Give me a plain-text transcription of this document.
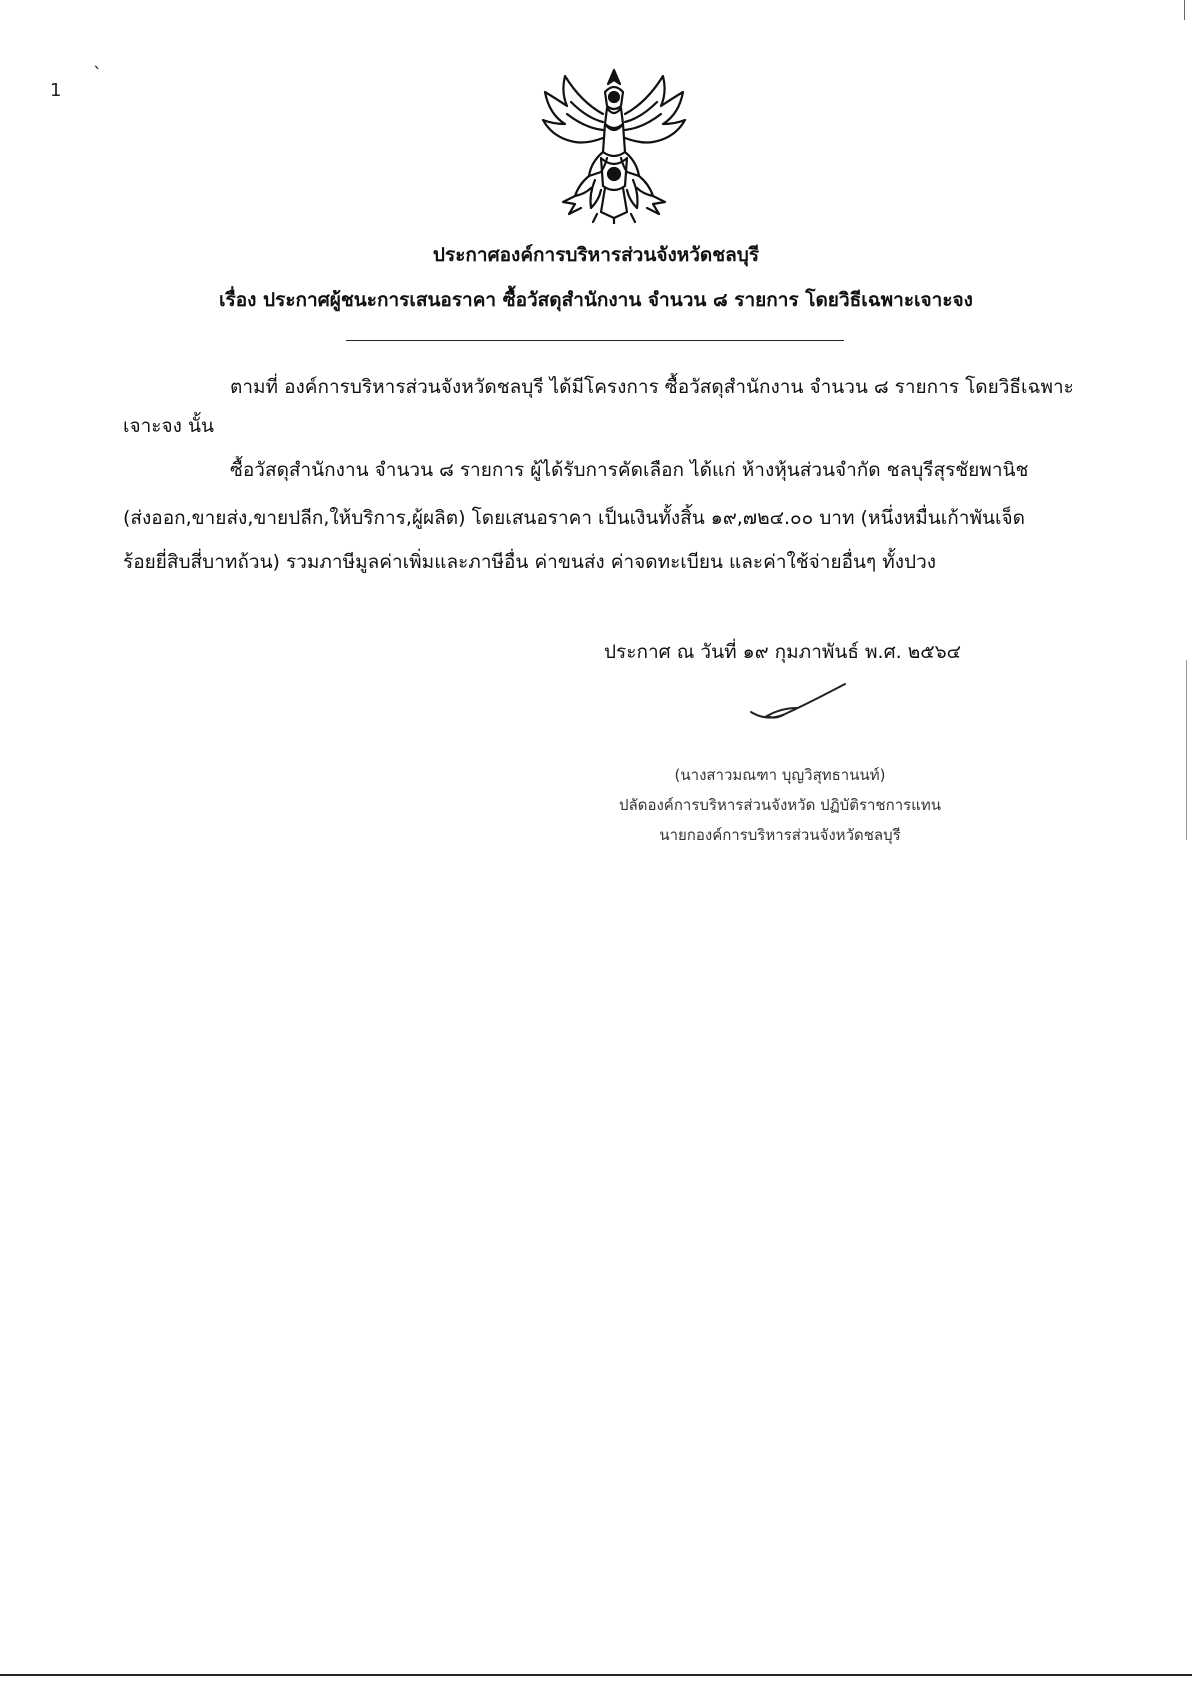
1
`
ประกาศองค์การบริหารส่วนจังหวัดชลบุรี
เรื่อง ประกาศผู้ชนะการเสนอราคา ซื้อวัสดุสำนักงาน จำนวน ๘ รายการ โดยวิธีเฉพาะเจาะจง
ตามที่ องค์การบริหารส่วนจังหวัดชลบุรี ได้มีโครงการ ซื้อวัสดุสำนักงาน จำนวน ๘ รายการ โดยวิธีเฉพาะ
เจาะจง นั้น
ซื้อวัสดุสำนักงาน จำนวน ๘ รายการ ผู้ได้รับการคัดเลือก ได้แก่ ห้างหุ้นส่วนจำกัด ชลบุรีสุรชัยพานิช
(ส่งออก,ขายส่ง,ขายปลีก,ให้บริการ,ผู้ผลิต) โดยเสนอราคา เป็นเงินทั้งสิ้น ๑๙,๗๒๔.๐๐ บาท (หนึ่งหมื่นเก้าพันเจ็ด
ร้อยยี่สิบสี่บาทถ้วน) รวมภาษีมูลค่าเพิ่มและภาษีอื่น ค่าขนส่ง ค่าจดทะเบียน และค่าใช้จ่ายอื่นๆ ทั้งปวง
ประกาศ ณ วันที่ ๑๙ กุมภาพันธ์ พ.ศ. ๒๕๖๔
(นางสาวมณฑา บุญวิสุทธานนท์)
ปลัดองค์การบริหารส่วนจังหวัด ปฏิบัติราชการแทน
นายกองค์การบริหารส่วนจังหวัดชลบุรี
